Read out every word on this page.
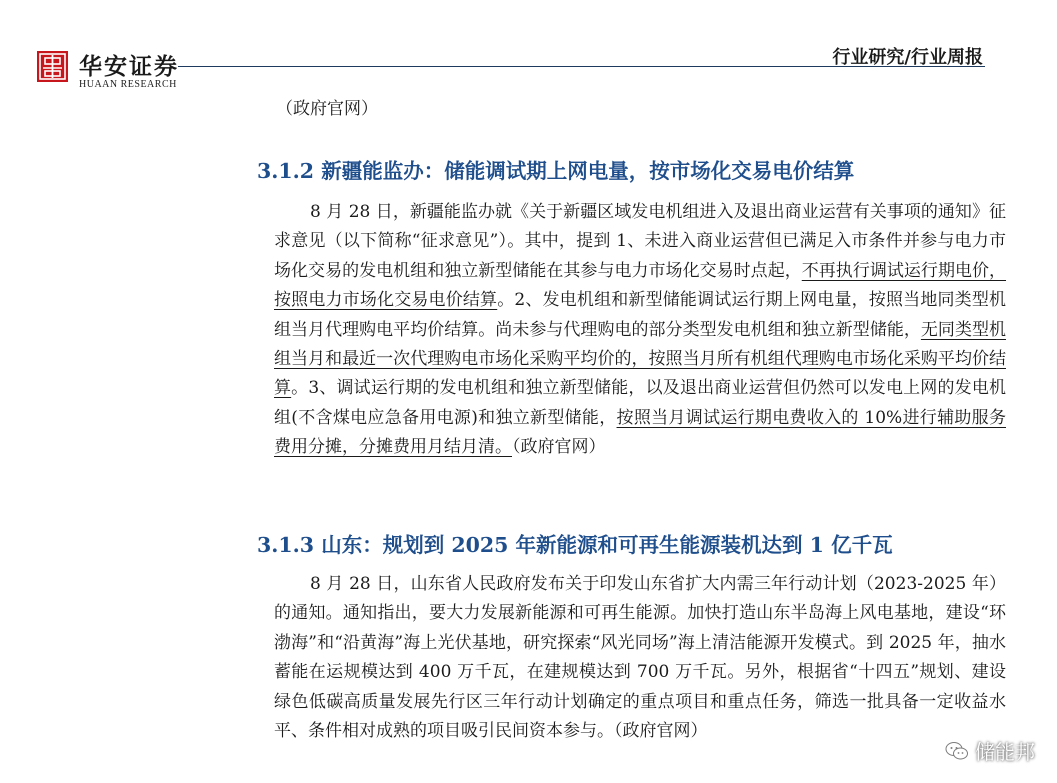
华安证券
HUAAN RESEARCH
行业研究/行业周报
（政府官网）
3.1.2 新疆能监办：储能调试期上网电量，按市场化交易电价结算
8 月 28 日，新疆能监办就《关于新疆区域发电机组进入及退出商业运营有关事项的通知》征求意见（以下简称“征求意见”）。其中，提到 1、未进入商业运营但已满足入市条件并参与电力市场化交易的发电机组和独立新型储能在其参与电力市场化交易时点起，不再执行调试运行期电价，按照电力市场化交易电价结算。2、发电机组和新型储能调试运行期上网电量，按照当地同类型机组当月代理购电平均价结算。尚未参与代理购电的部分类型发电机组和独立新型储能，无同类型机组当月和最近一次代理购电市场化采购平均价的，按照当月所有机组代理购电市场化采购平均价结算。3、调试运行期的发电机组和独立新型储能，以及退出商业运营但仍然可以发电上网的发电机组(不含煤电应急备用电源)和独立新型储能，按照当月调试运行期电费收入的 10%进行辅助服务费用分摊，分摊费用月结月清。（政府官网）
3.1.3 山东：规划到 2025 年新能源和可再生能源装机达到 1 亿千瓦
8 月 28 日，山东省人民政府发布关于印发山东省扩大内需三年行动计划（2023-2025 年）的通知。通知指出，要大力发展新能源和可再生能源。加快打造山东半岛海上风电基地，建设“环渤海”和“沿黄海”海上光伏基地，研究探索“风光同场”海上清洁能源开发模式。到 2025 年，抽水蓄能在运规模达到 400 万千瓦，在建规模达到 700 万千瓦。另外，根据省“十四五”规划、建设绿色低碳高质量发展先行区三年行动计划确定的重点项目和重点任务，筛选一批具备一定收益水平、条件相对成熟的项目吸引民间资本参与。（政府官网）
储能邦
